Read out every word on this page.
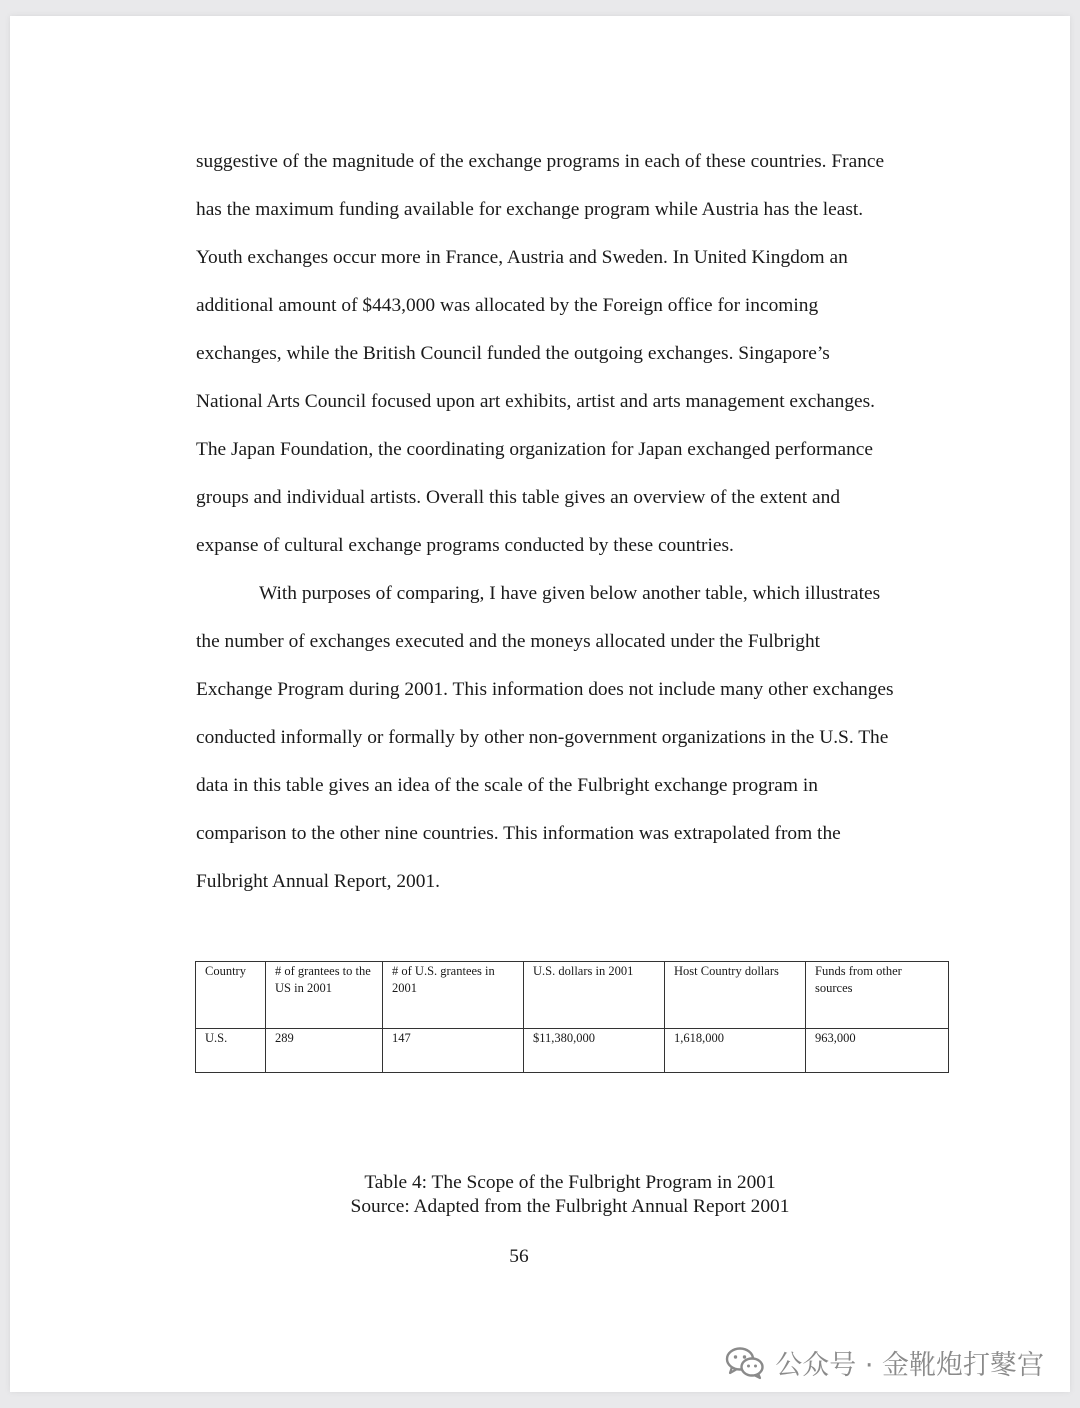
suggestive of the magnitude of the exchange programs in each of these countries. France
has the maximum funding available for exchange program while Austria has the least.
Youth exchanges occur more in France, Austria and Sweden. In United Kingdom an
additional amount of $443,000 was allocated by the Foreign office for incoming
exchanges, while the British Council funded the outgoing exchanges. Singapore’s
National Arts Council focused upon art exhibits, artist and arts management exchanges.
The Japan Foundation, the coordinating organization for Japan exchanged performance
groups and individual artists. Overall this table gives an overview of the extent and
expanse of cultural exchange programs conducted by these countries.
With purposes of comparing, I have given below another table, which illustrates
the number of exchanges executed and the moneys allocated under the Fulbright
Exchange Program during 2001. This information does not include many other exchanges
conducted informally or formally by other non-government organizations in the U.S. The
data in this table gives an idea of the scale of the Fulbright exchange program in
comparison to the other nine countries. This information was extrapolated from the
Fulbright Annual Report, 2001.
Country	# of grantees to the US in 2001	# of U.S. grantees in 2001	U.S. dollars in 2001	Host Country dollars	Funds from other sources
U.S.	289	147	$11,380,000	1,618,000	963,000
Table 4: The Scope of the Fulbright Program in 2001
Source: Adapted from the Fulbright Annual Report 2001
56
公众号 · 金靴炮打鼕宫
